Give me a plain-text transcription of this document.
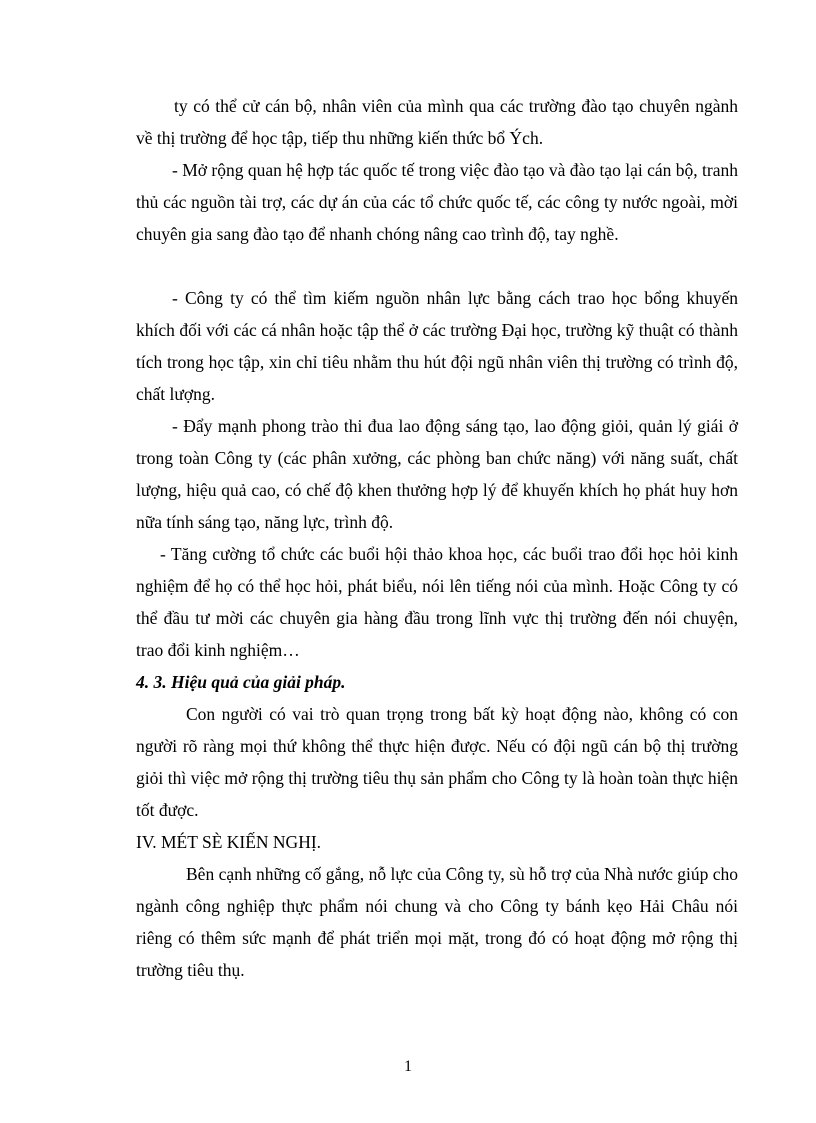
ty có thể cử cán bộ, nhân viên của mình qua các trường đào tạo chuyên ngành về thị trường để học tập, tiếp thu những kiến thức bổ Ých.

- Mở rộng quan hệ hợp tác quốc tế trong việc đào tạo và đào tạo lại cán bộ, tranh thủ các nguồn tài trợ, các dự án của các tổ chức quốc tế, các công ty nước ngoài, mời chuyên gia sang đào tạo để nhanh chóng nâng cao trình độ, tay nghề.

- Công ty có thể tìm kiếm nguồn nhân lực bằng cách trao học bổng khuyến khích đối với các cá nhân hoặc tập thể ở các trường Đại học, trường kỹ thuật có thành tích trong học tập, xin chỉ tiêu nhằm thu hút đội ngũ nhân viên thị trường có trình độ, chất lượng.

- Đẩy mạnh phong trào thi đua lao động sáng tạo, lao động giỏi, quản lý giái ở trong toàn Công ty (các phân xưởng, các phòng ban chức năng) với năng suất, chất lượng, hiệu quả cao, có chế độ khen thưởng hợp lý để khuyến khích họ phát huy hơn nữa tính sáng tạo, năng lực, trình độ.

- Tăng cường tổ chức các buổi hội thảo khoa học, các buổi trao đổi học hỏi kinh nghiệm để họ có thể học hỏi, phát biểu, nói lên tiếng nói của mình. Hoặc Công ty có thể đầu tư mời các chuyên gia hàng đầu trong lĩnh vực thị trường đến nói chuyện, trao đổi kinh nghiệm…

4. 3. Hiệu quả của giải pháp.

Con người có vai trò quan trọng trong bất kỳ hoạt động nào, không có con người rõ ràng mọi thứ không thể thực hiện được. Nếu có đội ngũ cán bộ thị trường giỏi thì việc mở rộng thị trường tiêu thụ sản phẩm cho Công ty là hoàn toàn thực hiện tốt được.

IV. MÉT SÈ KIẾN NGHỊ.

Bên cạnh những cố gắng, nỗ lực của Công ty, sù hỗ trợ của Nhà nước giúp cho ngành công nghiệp thực phẩm nói chung và cho Công ty bánh kẹo Hải Châu nói riêng có thêm sức mạnh để phát triển mọi mặt, trong đó có hoạt động mở rộng thị trường tiêu thụ.

1
